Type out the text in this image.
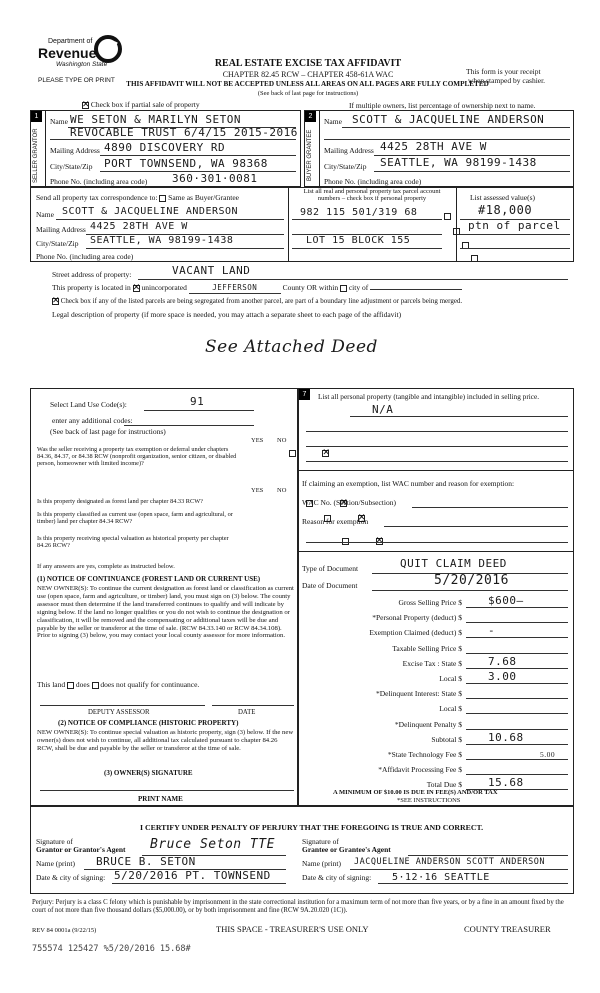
Department of
Revenue
Washington State
PLEASE TYPE OR PRINT
REAL ESTATE EXCISE TAX AFFIDAVIT
CHAPTER 82.45 RCW – CHAPTER 458-61A WAC
THIS AFFIDAVIT WILL NOT BE ACCEPTED UNLESS ALL AREAS ON ALL PAGES ARE FULLY COMPLETED
(See back of last page for instructions)
This form is your receipt
when stamped by cashier.
✕ Check box if partial sale of property	If multiple owners, list percentage of ownership next to name.
1
SELLER GRANTOR
Name WE SETON & MARILYN SETON
REVOCABLE TRUST 6/4/15 2015-2016
Mailing Address 4890 DISCOVERY RD
City/State/Zip PORT TOWNSEND, WA 98368
Phone No. (including area code) 360·301·0081
2
BUYER GRANTEE
Name SCOTT & JACQUELINE ANDERSON
Mailing Address 4425 28TH AVE W
City/State/Zip SEATTLE, WA 98199-1438
Phone No. (including area code)
Send all property tax correspondence to: Same as Buyer/Grantee
Name SCOTT & JACQUELINE ANDERSON
Mailing Address 4425 28TH AVE W
City/State/Zip SEATTLE, WA 98199-1438
Phone No. (including area code)
List all real and personal property tax parcel account
numbers – check box if personal property	List assessed value(s)
982 115 501/319 68

LOT 15 BLOCK 155

#18,000
ptn of parcel
Street address of property:	VACANT LAND
This property is located in ✕ unincorporated	JEFFERSON	County OR within city of
✕ Check box if any of the listed parcels are being segregated from another parcel, are part of a boundary line adjustment or parcels being merged.
Legal description of property (if more space is needed, you may attach a separate sheet to each page of the affidavit)
See Attached Deed
Select Land Use Code(s):	91
enter any additional codes:
(See back of last page for instructions)
YES NO
Was the seller receiving a property tax exemption or deferral under chapters 84.36, 84.37, or 84.38 RCW (nonprofit organization, senior citizen, or disabled person, homeowner with limited income)?
✕
YES NO
Is this property designated as forest land per chapter 84.33 RCW?
✕
Is this property classified as current use (open space, farm and agricultural, or timber) land per chapter 84.34 RCW?
✕
Is this property receiving special valuation as historical property per chapter 84.26 RCW?
✕
If any answers are yes, complete as instructed below.
(1) NOTICE OF CONTINUANCE (FOREST LAND OR CURRENT USE)
NEW OWNER(S): To continue the current designation as forest land or classification as current use (open space, farm and agriculture, or timber) land, you must sign on (3) below. The county assessor must then determine if the land transferred continues to qualify and will indicate by signing below. If the land no longer qualifies or you do not wish to continue the designation or classification, it will be removed and the compensating or additional taxes will be due and payable by the seller or transferor at the time of sale. (RCW 84.33.140 or RCW 84.34.108). Prior to signing (3) below, you may contact your local county assessor for more information.
This land does does not qualify for continuance.
DEPUTY ASSESSOR	DATE
(2) NOTICE OF COMPLIANCE (HISTORIC PROPERTY)
NEW OWNER(S): To continue special valuation as historic property, sign (3) below. If the new owner(s) does not wish to continue, all additional tax calculated pursuant to chapter 84.26 RCW, shall be due and payable by the seller or transferor at the time of sale.
(3) OWNER(S) SIGNATURE
PRINT NAME
7	List all personal property (tangible and intangible) included in selling price.
N/A
If claiming an exemption, list WAC number and reason for exemption:
WAC No. (Section/Subsection)
Reason for exemption
Type of Document	QUIT CLAIM DEED
Date of Document	5/20/2016
Gross Selling Price $ $600—
*Personal Property (deduct) $
Exemption Claimed (deduct) $ -
Taxable Selling Price $
Excise Tax : State $ 7.68
Local $ 3.00
*Delinquent Interest: State $
Local $
*Delinquent Penalty $
Subtotal $ 10.68
*State Technology Fee $	5.00
*Affidavit Processing Fee $
Total Due $ 15.68
A MINIMUM OF $10.00 IS DUE IN FEE(S) AND/OR TAX
*SEE INSTRUCTIONS
I CERTIFY UNDER PENALTY OF PERJURY THAT THE FOREGOING IS TRUE AND CORRECT.
Signature of
Grantor or Grantor's Agent Bruce Seton TTE
Name (print) BRUCE B. SETON
Date & city of signing: 5/20/2016 PT. TOWNSEND
Signature of
Grantee or Grantee's Agent
Name (print) JACQUELINE ANDERSON SCOTT ANDERSON
Date & city of signing: 5·12·16 SEATTLE
Perjury: Perjury is a class C felony which is punishable by imprisonment in the state correctional institution for a maximum term of not more than five years, or by a fine in an amount fixed by the court of not more than five thousand dollars ($5,000.00), or by both imprisonment and fine (RCW 9A.20.020 (1C)).
REV 84 0001a (9/22/15)	THIS SPACE - TREASURER'S USE ONLY	COUNTY TREASURER
755574 125427 %5/20/2016 15.68#
